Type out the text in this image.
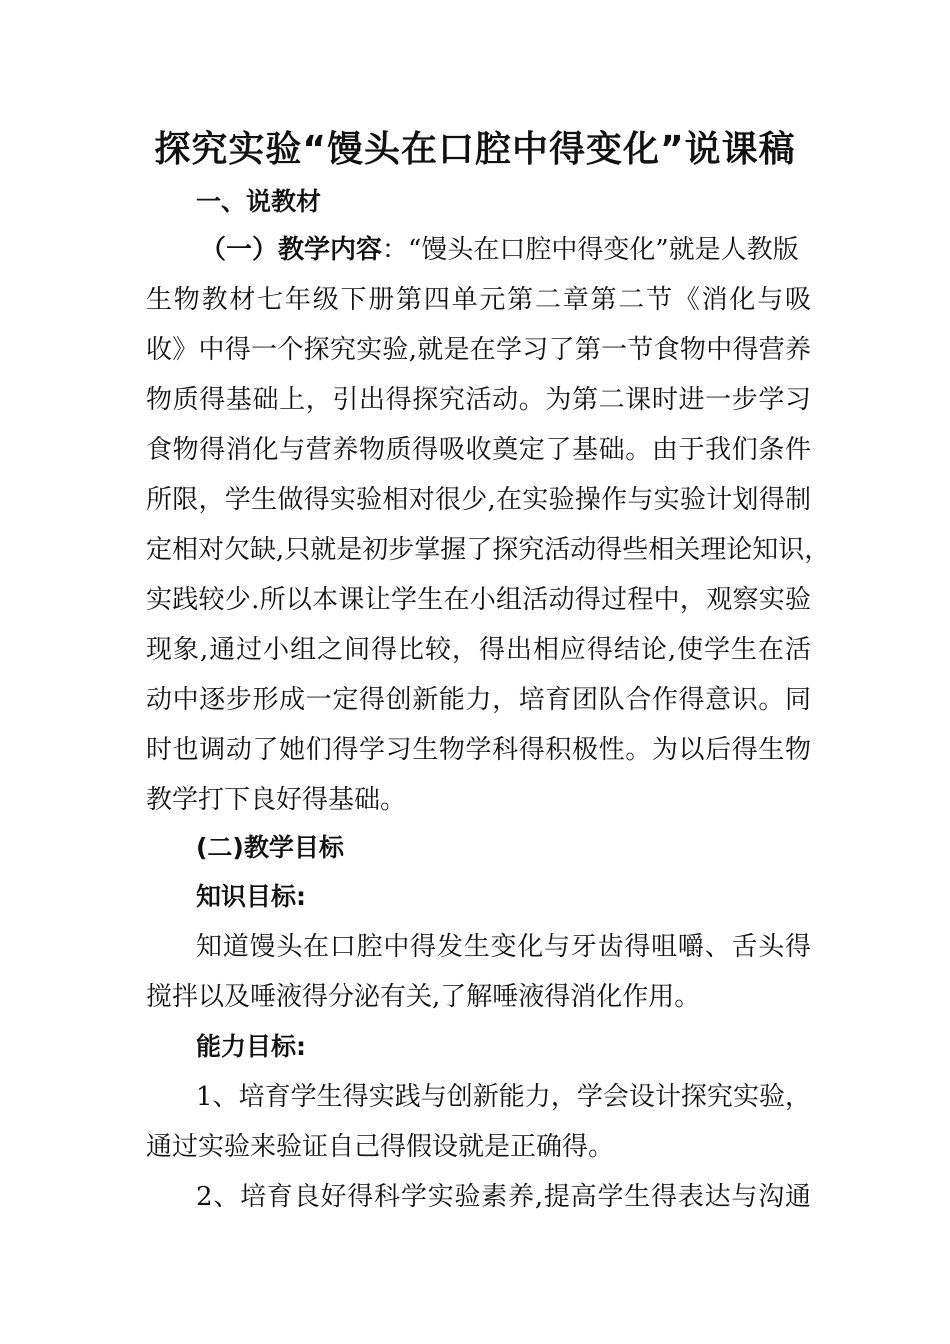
探究实验“馒头在口腔中得变化”说课稿

一、说教材

（一）教学内容：“馒头在口腔中得变化”就是人教版

生物教材七年级下册第四单元第二章第二节《消化与吸

收》中得一个探究实验,就是在学习了第一节食物中得营养

物质得基础上，引出得探究活动。为第二课时进一步学习

食物得消化与营养物质得吸收奠定了基础。由于我们条件

所限，学生做得实验相对很少,在实验操作与实验计划得制

定相对欠缺,只就是初步掌握了探究活动得些相关理论知识，

实践较少.所以本课让学生在小组活动得过程中，观察实验

现象,通过小组之间得比较，得出相应得结论,使学生在活

动中逐步形成一定得创新能力，培育团队合作得意识。同

时也调动了她们得学习生物学科得积极性。为以后得生物

教学打下良好得基础。

(二)教学目标

知识目标:

知道馒头在口腔中得发生变化与牙齿得咀嚼、舌头得

搅拌以及唾液得分泌有关,了解唾液得消化作用。

能力目标:

1、培育学生得实践与创新能力，学会设计探究实验，

通过实验来验证自己得假设就是正确得。

2、培育良好得科学实验素养,提高学生得表达与沟通
